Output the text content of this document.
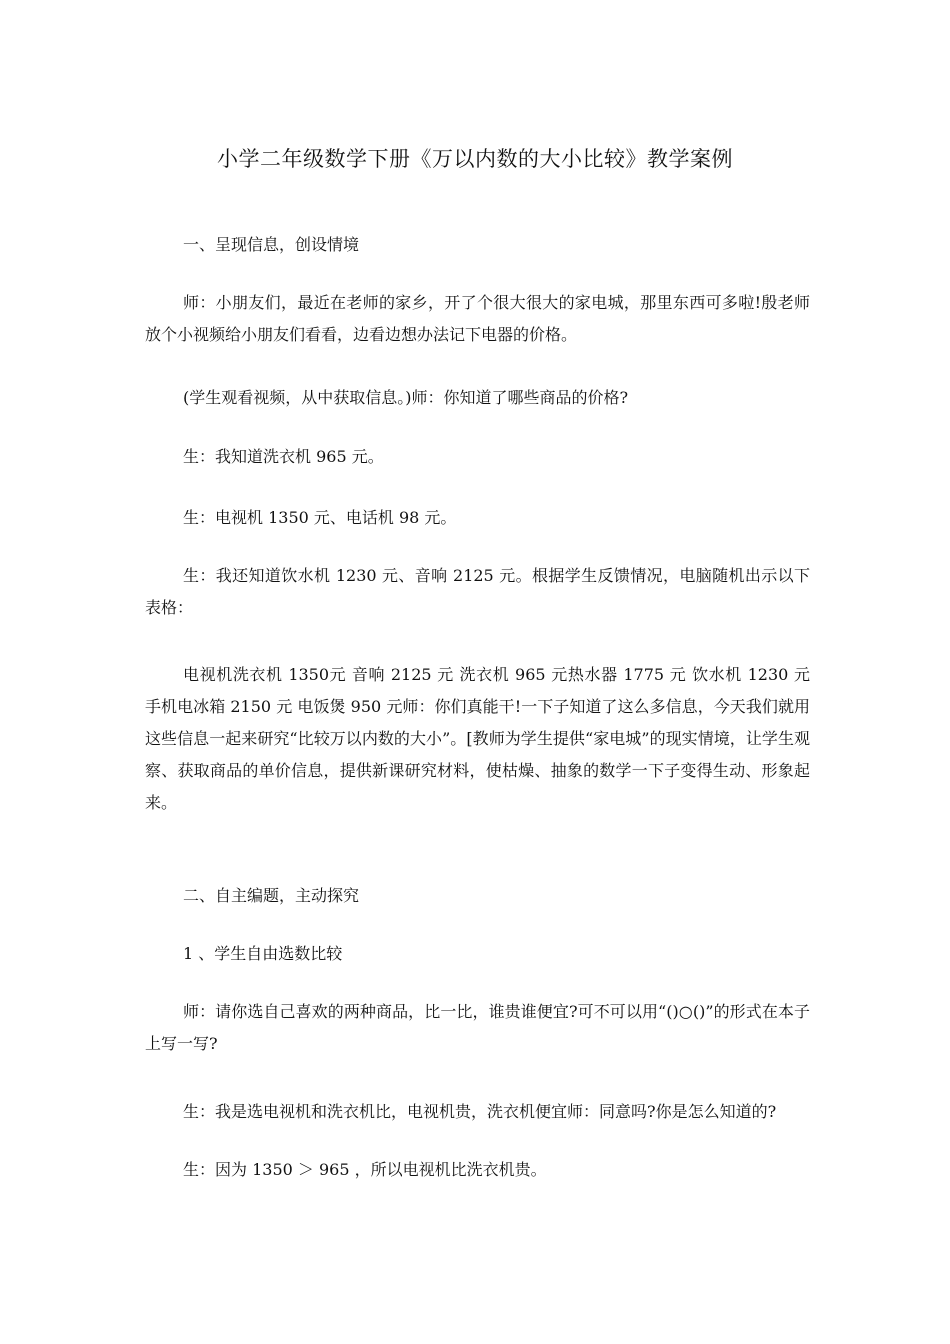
小学二年级数学下册《万以内数的大小比较》教学案例

一、呈现信息，创设情境

师：小朋友们，最近在老师的家乡，开了个很大很大的家电城，那里东西可多啦!殷老师放个小视频给小朋友们看看，边看边想办法记下电器的价格。

(学生观看视频，从中获取信息。)师：你知道了哪些商品的价格?

生：我知道洗衣机 965 元。

生：电视机 1350 元、电话机 98 元。

生：我还知道饮水机 1230 元、音响 2125 元。根据学生反馈情况，电脑随机出示以下表格：

电视机洗衣机 1350元 音响 2125 元 洗衣机 965 元热水器 1775 元 饮水机 1230 元 手机电冰箱 2150 元 电饭煲 950 元师：你们真能干!一下子知道了这么多信息，今天我们就用这些信息一起来研究“比较万以内数的大小”。[教师为学生提供“家电城”的现实情境，让学生观察、获取商品的单价信息，提供新课研究材料，使枯燥、抽象的数学一下子变得生动、形象起来。

二、自主编题，主动探究

1 、学生自由选数比较

师：请你选自己喜欢的两种商品，比一比，谁贵谁便宜?可不可以用“()○()”的形式在本子上写一写?

生：我是选电视机和洗衣机比，电视机贵，洗衣机便宜师：同意吗?你是怎么知道的?

生：因为 1350 ＞ 965 ，所以电视机比洗衣机贵。
